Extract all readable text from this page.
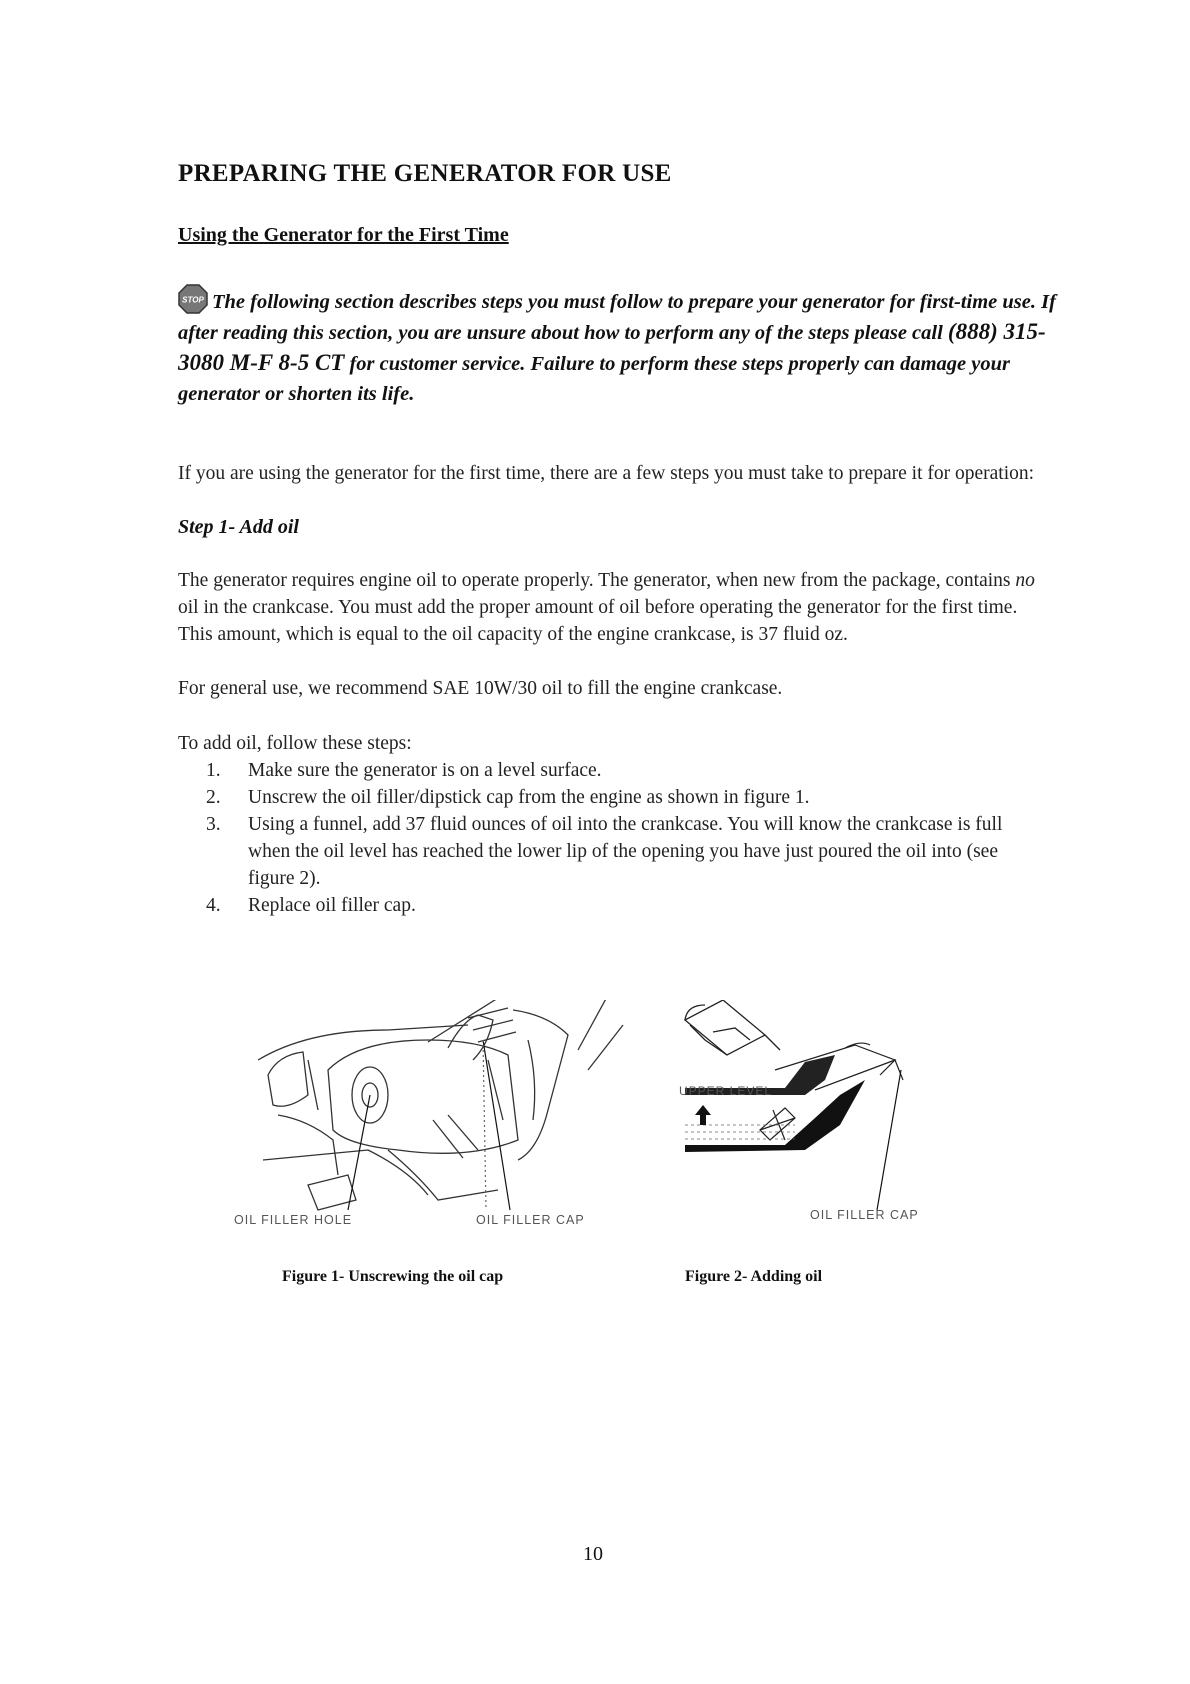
PREPARING THE GENERATOR FOR USE
Using the Generator for the First Time

STOP The following section describes steps you must follow to prepare your generator for first-time use. If after reading this section, you are unsure about how to perform any of the steps please call (888) 315-3080 M-F 8-5 CT for customer service. Failure to perform these steps properly can damage your generator or shorten its life.

If you are using the generator for the first time, there are a few steps you must take to prepare it for operation:

Step 1- Add oil

The generator requires engine oil to operate properly. The generator, when new from the package, contains no oil in the crankcase. You must add the proper amount of oil before operating the generator for the first time. This amount, which is equal to the oil capacity of the engine crankcase, is 37 fluid oz.

For general use, we recommend SAE 10W/30 oil to fill the engine crankcase.

To add oil, follow these steps:

1. Make sure the generator is on a level surface.
2. Unscrew the oil filler/dipstick cap from the engine as shown in figure 1.
3. Using a funnel, add 37 fluid ounces of oil into the crankcase. You will know the crankcase is full when the oil level has reached the lower lip of the opening you have just poured the oil into (see figure 2).
4. Replace oil filler cap.
OIL FILLER HOLE	OIL FILLER CAP
UPPER LEVEL
OIL FILLER CAP

Figure 1- Unscrewing the oil cap	Figure 2- Adding oil

10
